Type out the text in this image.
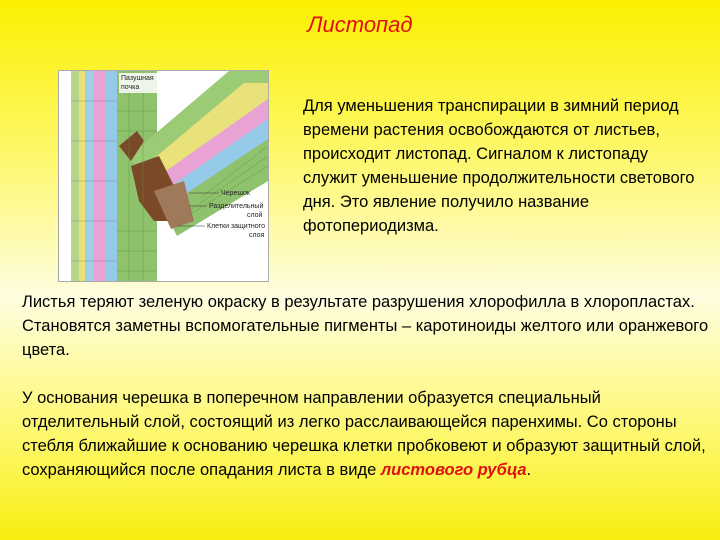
Листопад
Пазушная
почка
Черешок
Разделительный
слой
Клетки защитного
слоя
Для уменьшения транспирации в зимний период времени растения освобождаются от листьев, происходит листопад. Сигналом к листопаду служит уменьшение продолжительности светового дня. Это явление получило название фотопериодизма.

Листья теряют зеленую окраску в результате разрушения хлорофилла в хлоропластах. Становятся заметны вспомогательные пигменты – каротиноиды желтого или оранжевого цвета.

У основания черешка в поперечном направлении образуется специальный отделительный слой, состоящий из легко расслаивающейся паренхимы. Со стороны стебля ближайшие к основанию черешка клетки пробковеют и образуют защитный слой, сохраняющийся после опадания листа в виде листового рубца.
